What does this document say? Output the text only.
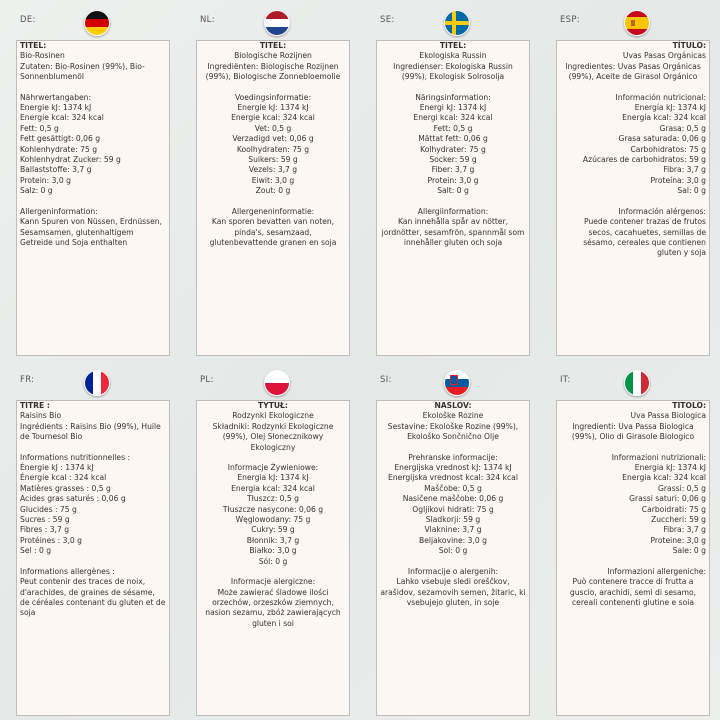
DE:

TITEL:

Bio-Rosinen

Zutaten: Bio-Rosinen (99%), Bio-Sonnenblumenöl

Nährwertangaben:

Energie kJ: 1374 kJ

Energie kcal: 324 kcal

Fett: 0,5 g

Fett gesättigt: 0,06 g

Kohlenhydrate: 75 g

Kohlenhydrat Zucker: 59 g

Ballaststoffe: 3,7 g

Protein: 3,0 g

Salz: 0 g

Allergeninformation:

Kann Spuren von Nüssen, Erdnüssen, Sesamsamen, glutenhaltigem Getreide und Soja enthalten

NL:

TITEL:

Biologische Rozijnen

Ingrediënten: Biologische Rozijnen (99%), Biologische Zonnebloemolie

Voedingsinformatie:

Energie kJ: 1374 kJ

Energie kcal: 324 kcal

Vet: 0,5 g

Verzadigd vet: 0,06 g

Koolhydraten: 75 g

Suikers: 59 g

Vezels: 3,7 g

Eiwit: 3,0 g

Zout: 0 g

Allergeneninformatie:

Kan sporen bevatten van noten, pinda's, sesamzaad, glutenbevattende granen en soja

SE:

TITEL:

Ekologiska Russin

Ingredienser: Ekologiska Russin (99%), Ekologisk Solrosolja

Näringsinformation:

Energi kJ: 1374 kJ

Energi kcal: 324 kcal

Fett: 0,5 g

Mättat fett: 0,06 g

Kolhydrater: 75 g

Socker: 59 g

Fiber: 3,7 g

Protein: 3,0 g

Salt: 0 g

Allergiinformation:

Kan innehålla spår av nötter, jordnötter, sesamfrön, spannmål som innehåller gluten och soja

ESP:

TÍTULO:

Uvas Pasas Orgánicas

Ingredientes: Uvas Pasas Orgánicas (99%), Aceite de Girasol Orgánico

Información nutricional:

Energía kJ: 1374 kJ

Energía kcal: 324 kcal

Grasa: 0,5 g

Grasa saturada: 0,06 g

Carbohidratos: 75 g

Azúcares de carbohidratos: 59 g

Fibra: 3,7 g

Proteína: 3,0 g

Sal: 0 g

Información alérgenos:

Puede contener trazas de frutos secos, cacahuetes, semillas de sésamo, cereales que contienen gluten y soja

FR:

TITRE :

Raisins Bio

Ingrédients : Raisins Bio (99%), Huile de Tournesol Bio

Informations nutritionnelles :

Énergie kJ : 1374 kJ

Énergie kcal : 324 kcal

Matières grasses : 0,5 g

Acides gras saturés : 0,06 g

Glucides : 75 g

Sucres : 59 g

Fibres : 3,7 g

Protéines : 3,0 g

Sel : 0 g

Informations allergènes :

Peut contenir des traces de noix, d'arachides, de graines de sésame, de céréales contenant du gluten et de soja

PL:

TYTUŁ:

Rodzynki Ekologiczne

Składniki: Rodzynki Ekologiczne (99%), Olej Słonecznikowy Ekologiczny

Informacje Żywieniowe:

Energia kJ: 1374 kJ

Energia kcal: 324 kcal

Tłuszcz: 0,5 g

Tłuszcze nasycone: 0,06 g

Węglowodany: 75 g

Cukry: 59 g

Błonnik: 3,7 g

Białko: 3,0 g

Sól: 0 g

Informacje alergiczne:

Może zawierać śladowe ilości orzechów, orzeszków ziemnych, nasion sezamu, zbóż zawierających gluten i soi

SI:

NASLOV:

Ekološke Rozine

Sestavine: Ekološke Rozine (99%), Ekološko Sončnično Olje

Prehranske informacije:

Energijska vrednost kJ: 1374 kJ

Energijska vrednost kcal: 324 kcal

Maščobe: 0,5 g

Nasičene maščobe: 0,06 g

Ogljikovi hidrati: 75 g

Sladkorji: 59 g

Vlaknine: 3,7 g

Beljakovine: 3,0 g

Sol: 0 g

Informacije o alergenih:

Lahko vsebuje sledi oreščkov, arašidov, sezamovih semen, žitaric, ki vsebujejo gluten, in soje

IT:

TITOLO:

Uva Passa Biologica

Ingredienti: Uva Passa Biologica (99%), Olio di Girasole Biologico

Informazioni nutrizionali:

Energia kJ: 1374 kJ

Energia kcal: 324 kcal

Grassi: 0,5 g

Grassi saturi: 0,06 g

Carboidrati: 75 g

Zuccheri: 59 g

Fibra: 3,7 g

Proteine: 3,0 g

Sale: 0 g

Informazioni allergeniche:

Può contenere tracce di frutta a guscio, arachidi, semi di sesamo, cereali contenenti glutine e soia
